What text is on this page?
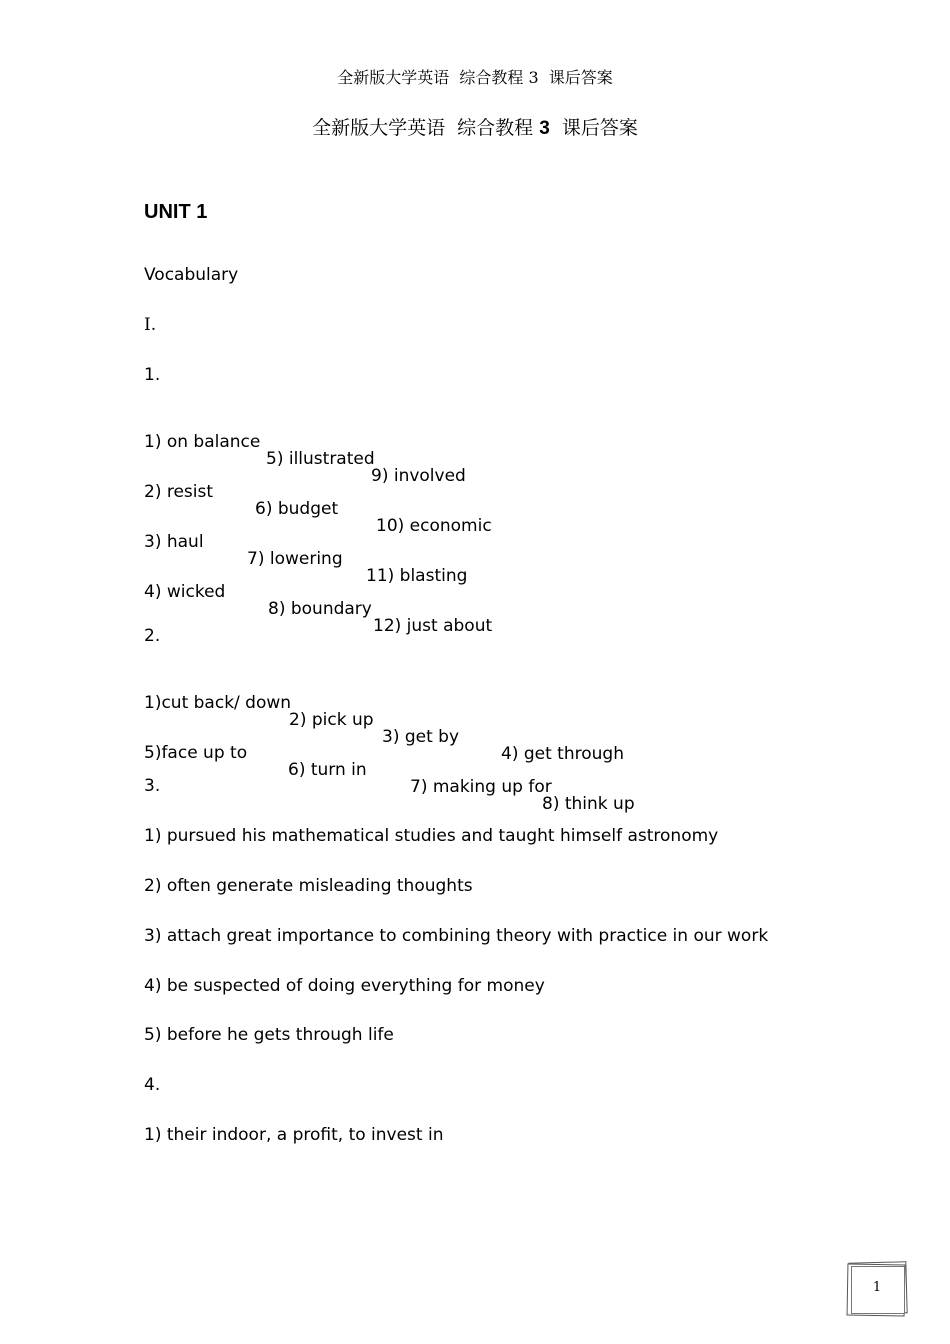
全新版大学英语  综合教程 3  课后答案
全新版大学英语  综合教程 3  课后答案
UNIT 1
Vocabulary
I.
1.

1) on balance

5) illustrated

9) involved

2) resist

6) budget

10) economic

3) haul

7) lowering

11) blasting

4) wicked

8) boundary

12) just about

2.

1)cut back/ down

2) pick up

3) get by

4) get through

5)face up to

6) turn in

7) making up for

8) think up

3.
1) pursued his mathematical studies and taught himself astronomy
2) often generate misleading thoughts
3) attach great importance to combining theory with practice in our work
4) be suspected of doing everything for money
5) before he gets through life
4.
1) their indoor, a profit, to invest in
1
